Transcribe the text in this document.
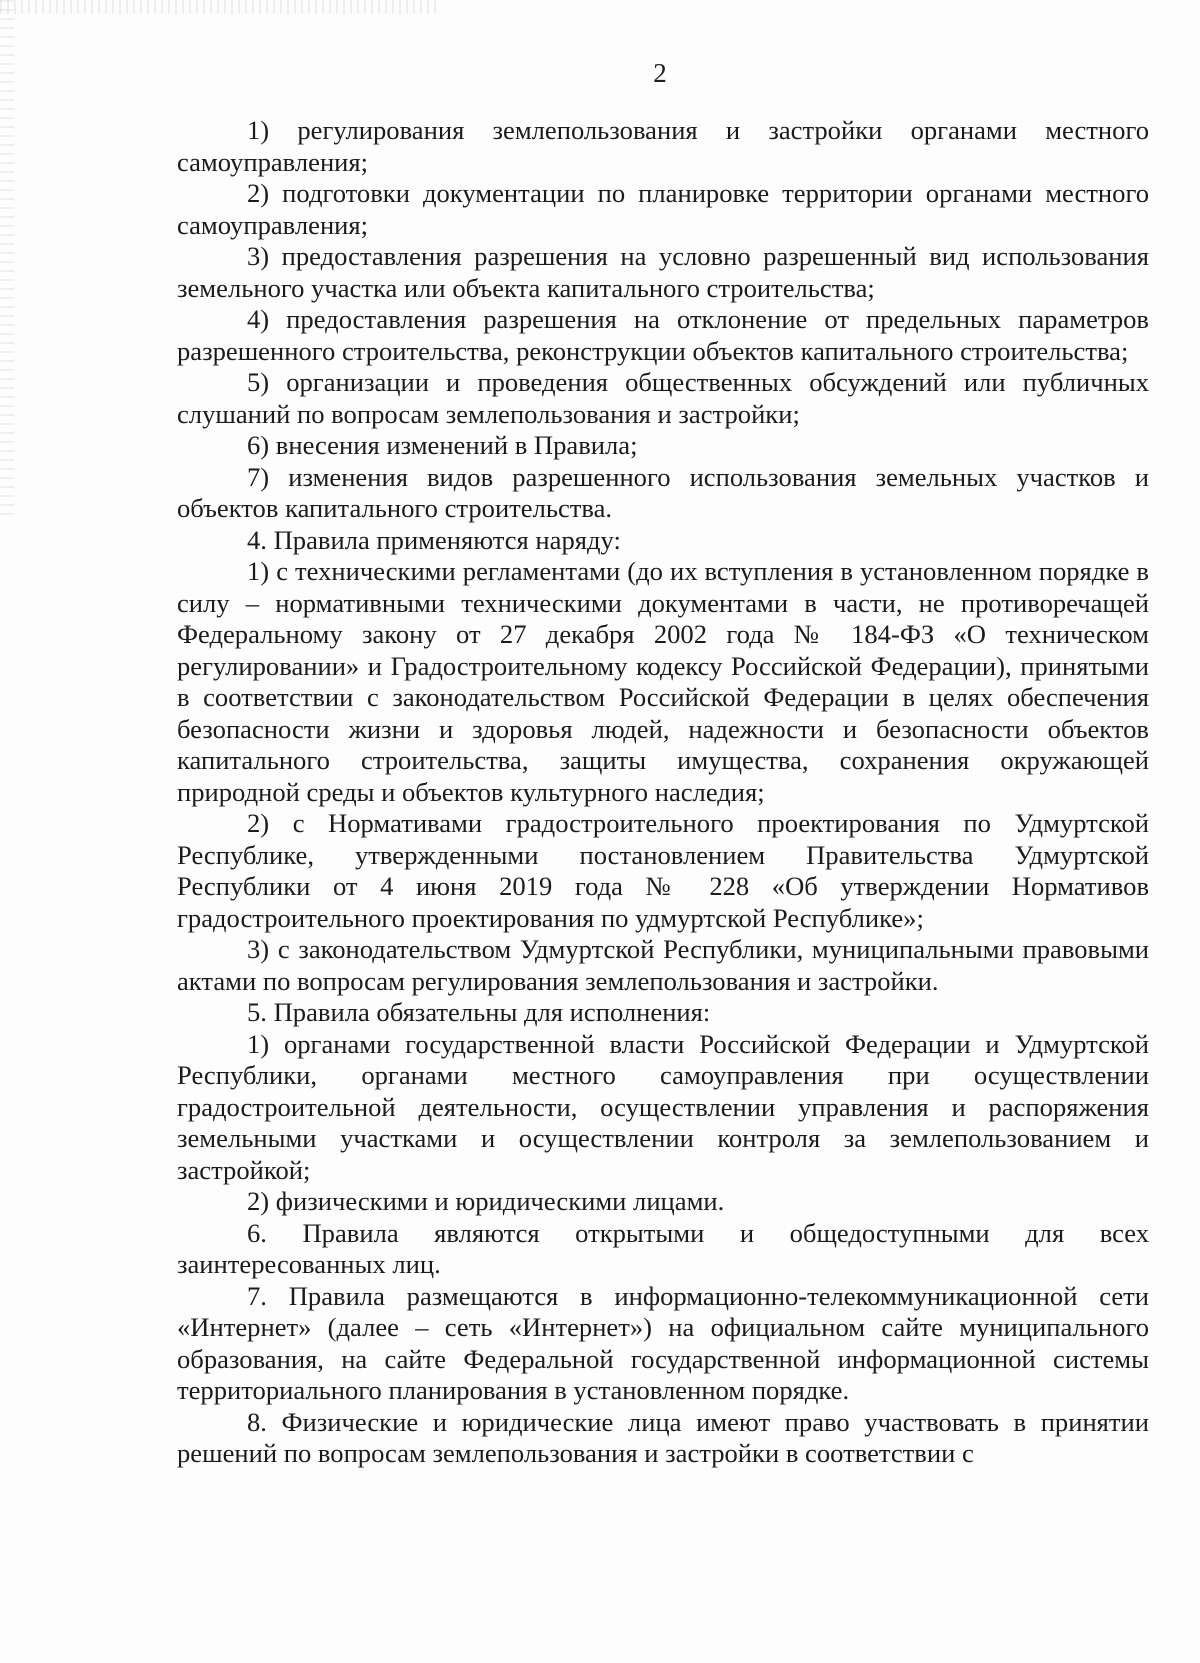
2

1) регулирования землепользования и застройки органами местного самоуправления;

2) подготовки документации по планировке территории органами местного самоуправления;

3) предоставления разрешения на условно разрешенный вид использования земельного участка или объекта капитального строительства;

4) предоставления разрешения на отклонение от предельных параметров разрешенного строительства, реконструкции объектов капитального строительства;

5) организации и проведения общественных обсуждений или публичных слушаний по вопросам землепользования и застройки;

6) внесения изменений в Правила;

7) изменения видов разрешенного использования земельных участков и объектов капитального строительства.

4. Правила применяются наряду:

1) с техническими регламентами (до их вступления в установленном порядке в силу – нормативными техническими документами в части, не противоречащей Федеральному закону от 27 декабря 2002 года № 184-ФЗ «О техническом регулировании» и Градостроительному кодексу Российской Федерации), принятыми в соответствии с законодательством Российской Федерации в целях обеспечения безопасности жизни и здоровья людей, надежности и безопасности объектов капитального строительства, защиты имущества, сохранения окружающей природной среды и объектов культурного наследия;

2) с Нормативами градостроительного проектирования по Удмуртской Республике, утвержденными постановлением Правительства Удмуртской Республики от 4 июня 2019 года № 228 «Об утверждении Нормативов градостроительного проектирования по удмуртской Республике»;

3) с законодательством Удмуртской Республики, муниципальными правовыми актами по вопросам регулирования землепользования и застройки.

5. Правила обязательны для исполнения:

1) органами государственной власти Российской Федерации и Удмуртской Республики, органами местного самоуправления при осуществлении градостроительной деятельности, осуществлении управления и распоряжения земельными участками и осуществлении контроля за землепользованием и застройкой;

2) физическими и юридическими лицами.

6. Правила являются открытыми и общедоступными для всех заинтересованных лиц.

7. Правила размещаются в информационно-телекоммуникационной сети «Интернет» (далее – сеть «Интернет») на официальном сайте муниципального образования, на сайте Федеральной государственной информационной системы территориального планирования в установленном порядке.

8. Физические и юридические лица имеют право участвовать в принятии решений по вопросам землепользования и застройки в соответствии с
